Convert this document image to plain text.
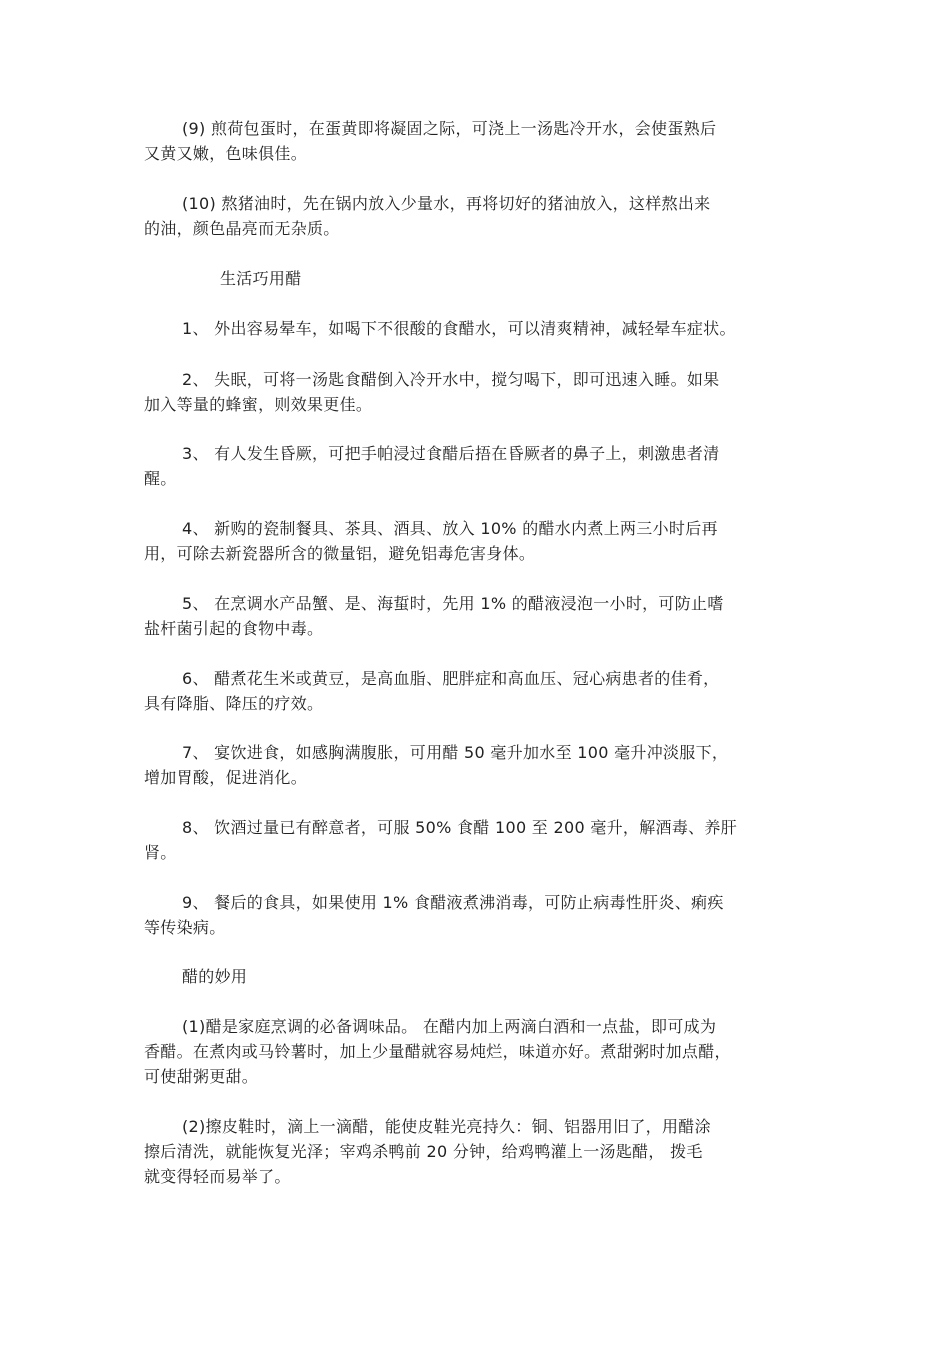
(9) 煎荷包蛋时，在蛋黄即将凝固之际，可浇上一汤匙冷开水，会使蛋熟后
又黄又嫩，色味俱佳。
(10) 熬猪油时，先在锅内放入少量水，再将切好的猪油放入，这样熬出来
的油，颜色晶亮而无杂质。
生活巧用醋
1、 外出容易晕车，如喝下不很酸的食醋水，可以清爽精神，减轻晕车症状。
2、 失眠，可将一汤匙食醋倒入冷开水中，搅匀喝下，即可迅速入睡。如果
加入等量的蜂蜜，则效果更佳。
3、 有人发生昏厥，可把手帕浸过食醋后捂在昏厥者的鼻子上，刺激患者清
醒。
4、 新购的瓷制餐具、茶具、酒具、放入 10% 的醋水内煮上两三小时后再
用，可除去新瓷器所含的微量铝，避免铝毒危害身体。
5、 在烹调水产品蟹、是、海蜇时，先用 1% 的醋液浸泡一小时，可防止嗜
盐杆菌引起的食物中毒。
6、 醋煮花生米或黄豆，是高血脂、肥胖症和高血压、冠心病患者的佳肴，
具有降脂、降压的疗效。
7、 宴饮进食，如感胸满腹胀，可用醋 50 毫升加水至 100 毫升冲淡服下，
增加胃酸，促进消化。
8、 饮酒过量已有醉意者，可服 50% 食醋 100 至 200 毫升，解酒毒、养肝
肾。
9、 餐后的食具，如果使用 1% 食醋液煮沸消毒，可防止病毒性肝炎、痢疾
等传染病。
醋的妙用
(1)醋是家庭烹调的必备调味品。 在醋内加上两滴白酒和一点盐，即可成为
香醋。在煮肉或马铃薯时，加上少量醋就容易炖烂，味道亦好。煮甜粥时加点醋，
可使甜粥更甜。
(2)擦皮鞋时，滴上一滴醋，能使皮鞋光亮持久：铜、铝器用旧了，用醋涂
擦后清洗，就能恢复光泽；宰鸡杀鸭前 20 分钟，给鸡鸭灌上一汤匙醋， 拨毛
就变得轻而易举了。
